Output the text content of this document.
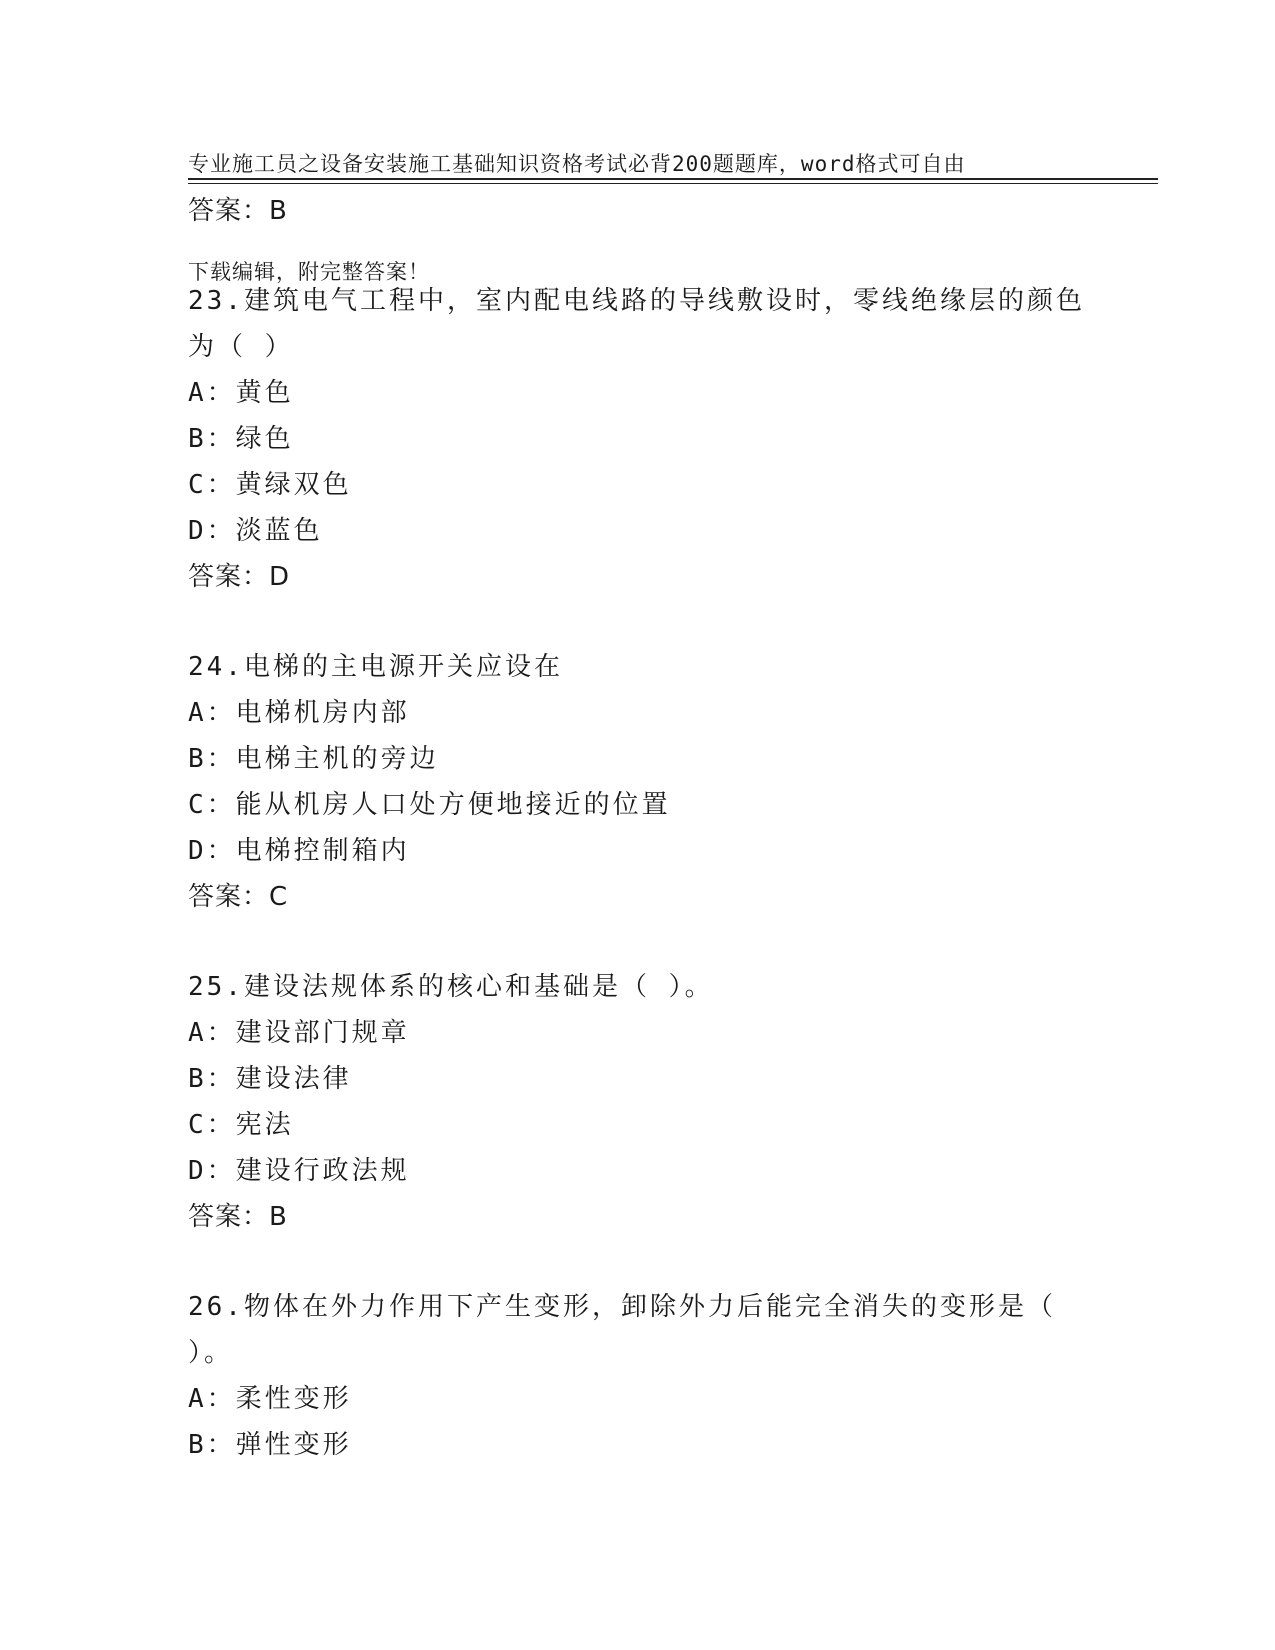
专业施工员之设备安装施工基础知识资格考试必背200题题库，word格式可自由

下载编辑，附完整答案！

答案：B
23.建筑电气工程中，室内配电线路的导线敷设时，零线绝缘层的颜色
为（ ）
A：黄色
B：绿色
C：黄绿双色
D：淡蓝色
答案：D
24.电梯的主电源开关应设在
A：电梯机房内部
B：电梯主机的旁边
C：能从机房人口处方便地接近的位置
D：电梯控制箱内
答案：C
25.建设法规体系的核心和基础是（ ）。
A：建设部门规章
B：建设法律
C：宪法
D：建设行政法规
答案：B
26.物体在外力作用下产生变形，卸除外力后能完全消失的变形是（
）。
A：柔性变形
B：弹性变形
